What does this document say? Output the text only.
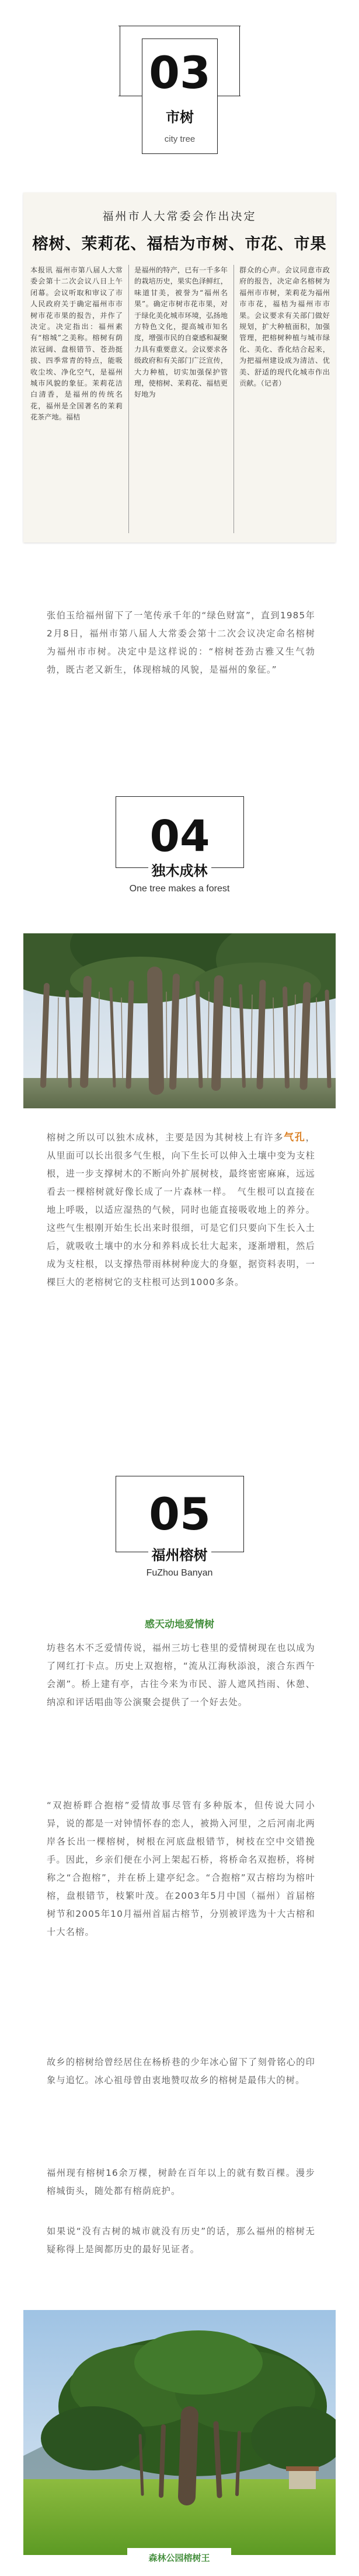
03
市树
city tree
福州市人大常委会作出决定
榕树、茉莉花、福桔为市树、市花、市果
本报讯 福州市第八届人大常委会第十二次会议八日上午闭幕。会议听取和审议了市人民政府关于确定福州市市树市花市果的报告，并作了决定。决定指出：福州素有“榕城”之美称。榕树有荫浓冠阔、盘根错节、苍劲挺拔、四季常青的特点，能吸收尘埃、净化空气，是福州城市风貌的象征。茉莉花洁白清香，是福州的传统名花，福州是全国著名的茉莉花茶产地。福桔
是福州的特产，已有一千多年的栽培历史，果实色泽鲜红，味道甘美，被誉为“福州名果”。确定市树市花市果，对于绿化美化城市环境，弘扬地方特色文化，提高城市知名度，增强市民的自豪感和凝聚力具有重要意义。会议要求各级政府和有关部门广泛宣传，大力种植，切实加强保护管理，使榕树、茉莉花、福桔更好地为
群众的心声。会议同意市政府的报告，决定命名榕树为福州市市树，茉莉花为福州市市花，福桔为福州市市果。会议要求有关部门做好规划，扩大种植面积，加强管理，把榕树种植与城市绿化、美化、香化结合起来，为把福州建设成为清洁、优美、舒适的现代化城市作出贡献。（记者）

张伯玉给福州留下了一笔传承千年的“绿色财富”，直到1985年2月8日，福州市第八届人大常委会第十二次会议决定命名榕树为福州市市树。决定中是这样说的：“榕树苍劲古雅又生气勃勃，既古老又新生，体现榕城的风貌，是福州的象征。”

04
独木成林
One tree makes a forest

榕树之所以可以独木成林，主要是因为其树枝上有许多气孔，从里面可以长出很多气生根，向下生长可以伸入土壤中变为支柱根，进一步支撑树木的不断向外扩展树枝，最终密密麻麻，远远看去一棵榕树就好像长成了一片森林一样。　气生根可以直接在地上呼吸，以适应湿热的气候，同时也能直接吸收地上的养分。这些气生根刚开始生长出来时很细，可是它们只要向下生长入土后，就吸收土壤中的水分和养料成长壮大起来，逐渐增粗，然后成为支柱根，以支撑热带雨林树种庞大的身躯，据资料表明，一棵巨大的老榕树它的支柱根可达到1000多条。

05
福州榕树
FuZhou Banyan
感天动地爱情树

坊巷名木不乏爱情传说，福州三坊七巷里的爱情树现在也以成为了网红打卡点。历史上双抱榕，“流从江海秋添浪，滚合东西午会潮”。桥上建有亭，古往今来为市民、游人遮风挡雨、休憩、纳凉和评话唱曲等公演聚会提供了一个好去处。

“双抱桥畔合抱榕”爱情故事尽管有多种版本，但传说大同小异，说的都是一对钟情怀春的恋人，被拗入河里，之后河南北两岸各长出一棵榕树，树根在河底盘根错节，树枝在空中交错挽手。因此，乡亲们便在小河上架起石桥，将桥命名双抱桥，将树称之“合抱榕”，并在桥上建亭纪念。“合抱榕”双古榕均为榕叶榕，盘根错节，枝繁叶茂。在2003年5月中国（福州）首届榕树节和2005年10月福州首届古榕节，分别被评选为十大古榕和十大名榕。

故乡的榕树给曾经居住在杨桥巷的少年冰心留下了刻骨铭心的印象与追忆。冰心祖母曾由衷地赞叹故乡的榕树是最伟大的树。

福州现有榕树16余万棵，树龄在百年以上的就有数百棵。漫步榕城街头，随处都有榕荫庇护。

如果说“没有古树的城市就没有历史”的话，那么福州的榕树无疑称得上是闽都历史的最好见证者。

森林公园榕树王
